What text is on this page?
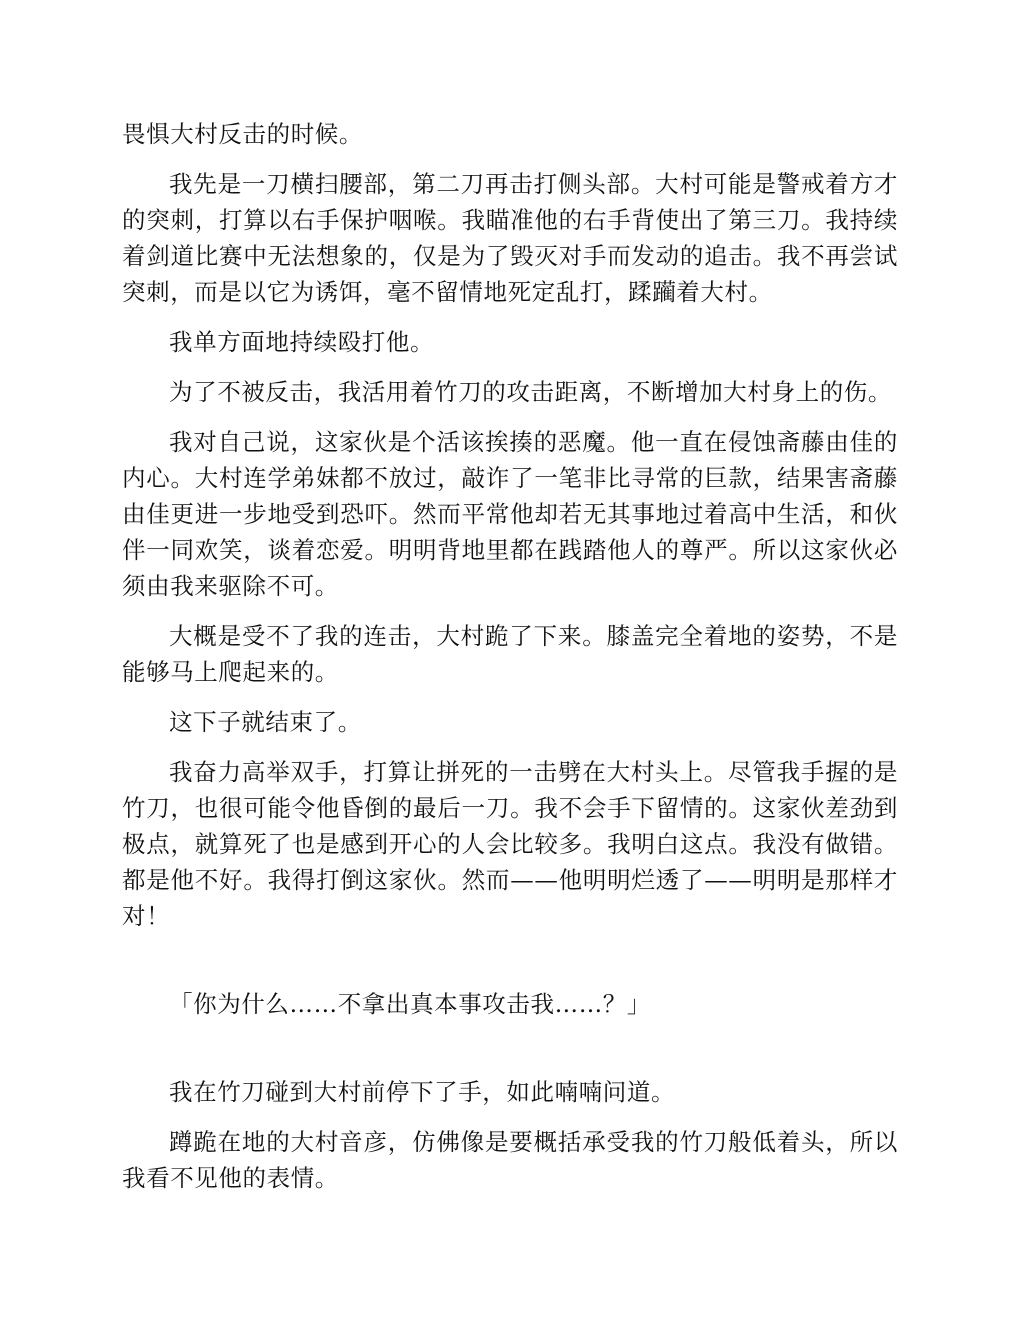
畏惧大村反击的时候。

我先是一刀横扫腰部，第二刀再击打侧头部。大村可能是警戒着方才的突刺，打算以右手保护咽喉。我瞄准他的右手背使出了第三刀。我持续着剑道比赛中无法想象的，仅是为了毁灭对手而发动的追击。我不再尝试突刺，而是以它为诱饵，毫不留情地死定乱打，蹂躏着大村。

我单方面地持续殴打他。

为了不被反击，我活用着竹刀的攻击距离，不断增加大村身上的伤。

我对自己说，这家伙是个活该挨揍的恶魔。他一直在侵蚀斋藤由佳的内心。大村连学弟妹都不放过，敲诈了一笔非比寻常的巨款，结果害斋藤由佳更进一步地受到恐吓。然而平常他却若无其事地过着高中生活，和伙伴一同欢笑，谈着恋爱。明明背地里都在践踏他人的尊严。所以这家伙必须由我来驱除不可。

大概是受不了我的连击，大村跪了下来。膝盖完全着地的姿势，不是能够马上爬起来的。

这下子就结束了。

我奋力高举双手，打算让拼死的一击劈在大村头上。尽管我手握的是竹刀，也很可能令他昏倒的最后一刀。我不会手下留情的。这家伙差劲到极点，就算死了也是感到开心的人会比较多。我明白这点。我没有做错。都是他不好。我得打倒这家伙。然而——他明明烂透了——明明是那样才对！

「你为什么……不拿出真本事攻击我……？」

我在竹刀碰到大村前停下了手，如此喃喃问道。

蹲跪在地的大村音彦，仿佛像是要概括承受我的竹刀般低着头，所以我看不见他的表情。
